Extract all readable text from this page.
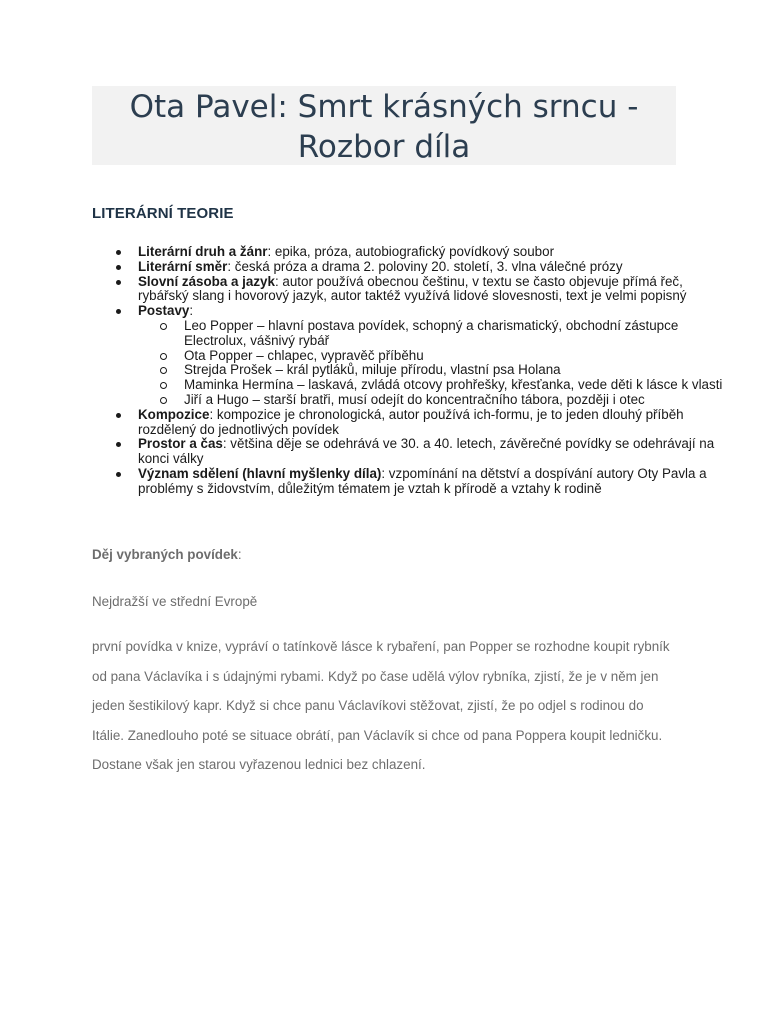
Ota Pavel: Smrt krásných srncu -
Rozbor díla
LITERÁRNÍ TEORIE
Literární druh a žánr: epika, próza, autobiografický povídkový soubor
Literární směr: česká próza a drama 2. poloviny 20. století, 3. vlna válečné prózy
Slovní zásoba a jazyk: autor používá obecnou češtinu, v textu se často objevuje přímá řeč, rybářský slang i hovorový jazyk, autor taktéž využívá lidové slovesnosti, text je velmi popisný
Postavy:
Leo Popper – hlavní postava povídek, schopný a charismatický, obchodní zástupce Electrolux, vášnivý rybář
Ota Popper – chlapec, vypravěč příběhu
Strejda Prošek – král pytláků, miluje přírodu, vlastní psa Holana
Maminka Hermína – laskavá, zvládá otcovy prohřešky, křesťanka, vede děti k lásce k vlasti
Jiří a Hugo – starší bratři, musí odejít do koncentračního tábora, později i otec
Kompozice: kompozice je chronologická, autor používá ich-formu, je to jeden dlouhý příběh rozdělený do jednotlivých povídek
Prostor a čas: většina děje se odehrává ve 30. a 40. letech, závěrečné povídky se odehrávají na konci války
Význam sdělení (hlavní myšlenky díla): vzpomínání na dětství a dospívání autory Oty Pavla a problémy s židovstvím, důležitým tématem je vztah k přírodě a vztahy k rodině

Děj vybraných povídek:

Nejdražší ve střední Evropě

první povídka v knize, vypráví o tatínkově lásce k rybaření, pan Popper se rozhodne koupit rybník
od pana Václavíka i s údajnými rybami. Když po čase udělá výlov rybníka, zjistí, že je v něm jen
jeden šestikilový kapr. Když si chce panu Václavíkovi stěžovat, zjistí, že po odjel s rodinou do
Itálie. Zanedlouho poté se situace obrátí, pan Václavík si chce od pana Poppera koupit ledničku.
Dostane však jen starou vyřazenou lednici bez chlazení.
